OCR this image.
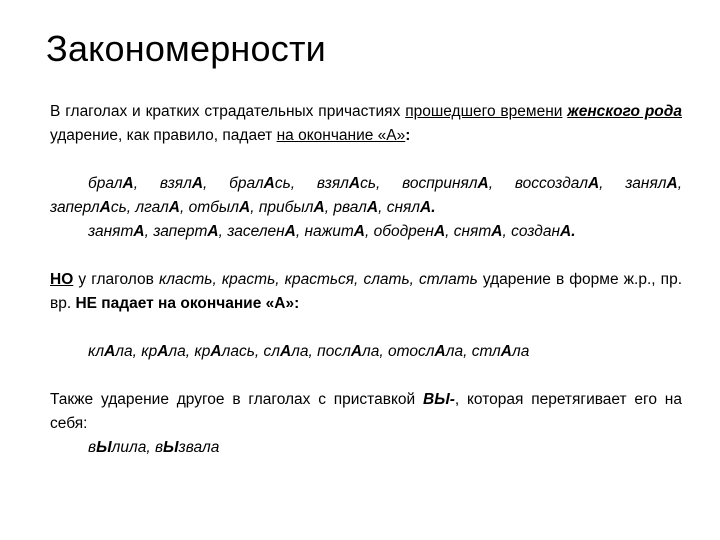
Закономерности

В глаголах и кратких страдательных причастиях прошедшего времени женского рода ударение, как правило, падает на окончание «А»:

бралА, взялА, бралАсь, взялАсь, воспринялА, воссоздалА, занялА,

заперлАсь, лгалА, отбылА, прибылА, рвалА, снялА.

занятА, запертА, заселенА, нажитА, ободренА, снятА, созданА.

НО у глаголов класть, красть, красться, слать, стлать ударение в форме ж.р., пр. вр. НЕ падает на окончание «А»:

клАла, крАла, крАлась, слАла, послАла, отослАла, стлАла

Также ударение другое в глаголах с приставкой ВЫ-, которая перетягивает его на себя:

вЫлила, вЫзвала
